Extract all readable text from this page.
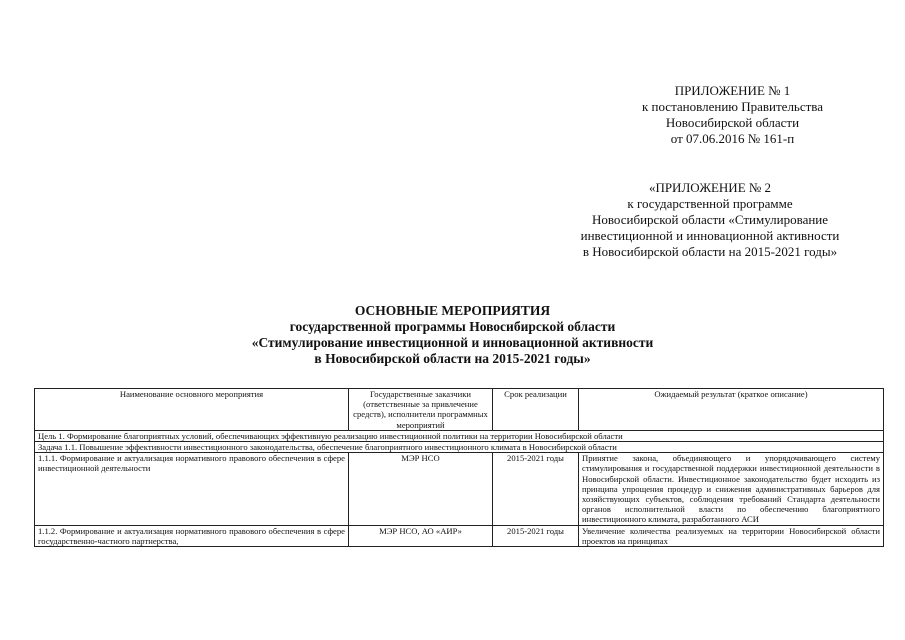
ПРИЛОЖЕНИЕ № 1
к постановлению Правительства
Новосибирской области
от 07.06.2016 № 161-п
«ПРИЛОЖЕНИЕ № 2
к государственной программе
Новосибирской области «Стимулирование
инвестиционной и инновационной активности
в Новосибирской области на 2015-2021 годы»
ОСНОВНЫЕ МЕРОПРИЯТИЯ
государственной программы Новосибирской области
«Стимулирование инвестиционной и инновационной активности
в Новосибирской области на 2015-2021 годы»
Наименование основного мероприятия	Государственные заказчики (ответственные за привлечение средств), исполнители программных мероприятий	Срок реализации	Ожидаемый результат (краткое описание)
Цель 1. Формирование благоприятных условий, обеспечивающих эффективную реализацию инвестиционной политики на территории Новосибирской области			
Задача 1.1. Повышение эффективности инвестиционного законодательства, обеспечение благоприятного инвестиционного климата в Новосибирской области			
1.1.1. Формирование и актуализация нормативного правового обеспечения в сфере инвестиционной деятельности	МЭР НСО	2015-2021 годы	Принятие закона, объединяющего и упорядочивающего систему стимулирования и государственной поддержки инвестиционной деятельности в Новосибирской области. Инвестиционное законодательство будет исходить из принципа упрощения процедур и снижения административных барьеров для хозяйствующих субъектов, соблюдения требований Стандарта деятельности органов исполнительной власти по обеспечению благоприятного инвестиционного климата, разработанного АСИ
1.1.2. Формирование и актуализация нормативного правового обеспечения в сфере государственно-частного партнерства,	МЭР НСО, АО «АИР»	2015-2021 годы	Увеличение количества реализуемых на территории Новосибирской области проектов на принципах
